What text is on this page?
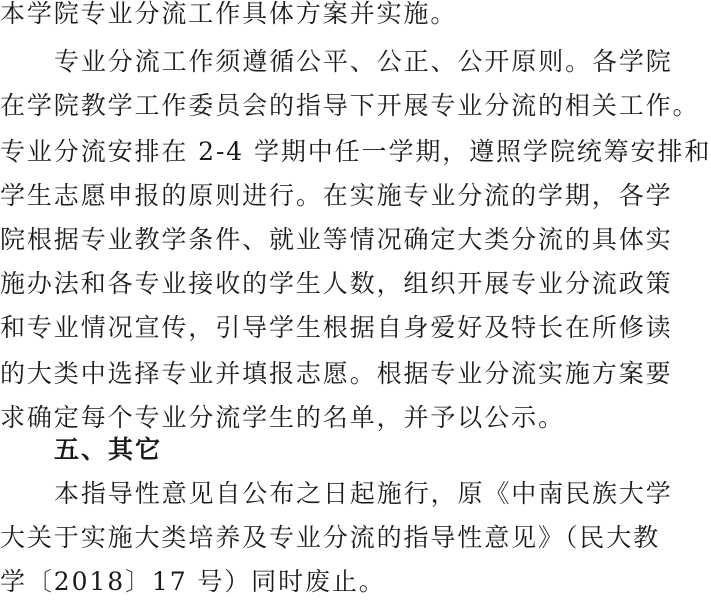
本学院专业分流工作具体方案并实施。
专业分流工作须遵循公平、公正、公开原则。各学院
在学院教学工作委员会的指导下开展专业分流的相关工作。
专业分流安排在 2-4 学期中任一学期，遵照学院统筹安排和
学生志愿申报的原则进行。在实施专业分流的学期，各学
院根据专业教学条件、就业等情况确定大类分流的具体实
施办法和各专业接收的学生人数，组织开展专业分流政策
和专业情况宣传，引导学生根据自身爱好及特长在所修读
的大类中选择专业并填报志愿。根据专业分流实施方案要
求确定每个专业分流学生的名单，并予以公示。
五、其它
本指导性意见自公布之日起施行，原《中南民族大学
大关于实施大类培养及专业分流的指导性意见》（民大教
学〔2018〕17 号）同时废止。
